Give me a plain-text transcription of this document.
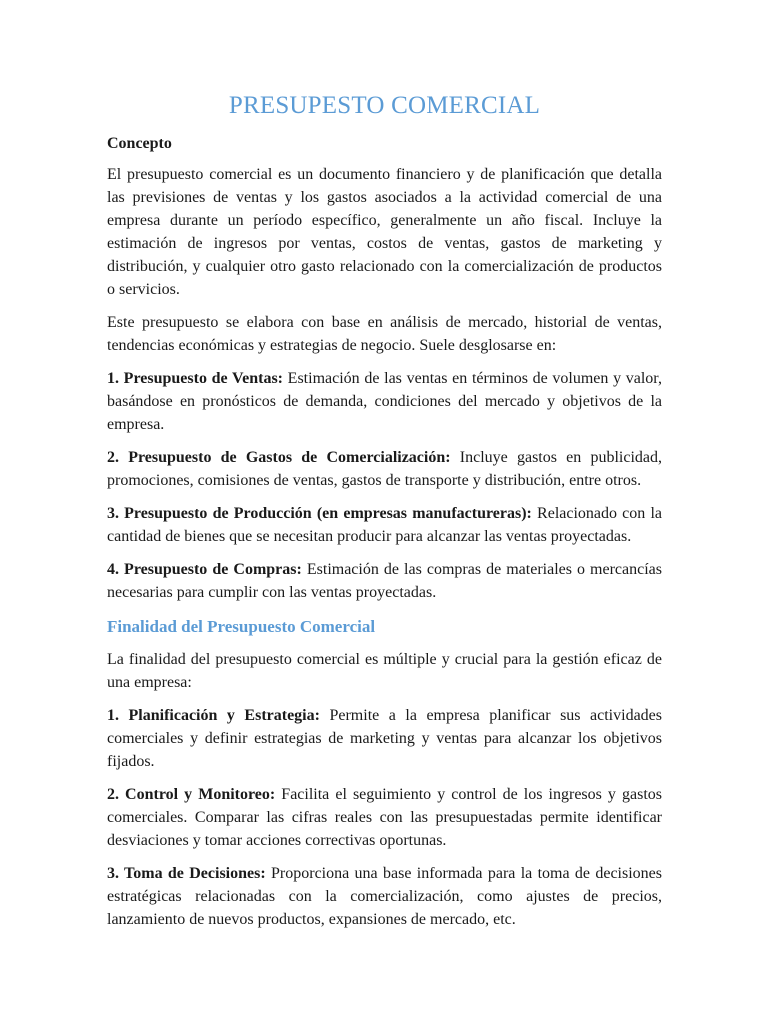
PRESUPESTO COMERCIAL
Concepto

El presupuesto comercial es un documento financiero y de planificación que detalla las previsiones de ventas y los gastos asociados a la actividad comercial de una empresa durante un período específico, generalmente un año fiscal. Incluye la estimación de ingresos por ventas, costos de ventas, gastos de marketing y distribución, y cualquier otro gasto relacionado con la comercialización de productos o servicios.

Este presupuesto se elabora con base en análisis de mercado, historial de ventas, tendencias económicas y estrategias de negocio. Suele desglosarse en:

1. Presupuesto de Ventas: Estimación de las ventas en términos de volumen y valor, basándose en pronósticos de demanda, condiciones del mercado y objetivos de la empresa.

2. Presupuesto de Gastos de Comercialización: Incluye gastos en publicidad, promociones, comisiones de ventas, gastos de transporte y distribución, entre otros.

3. Presupuesto de Producción (en empresas manufactureras): Relacionado con la cantidad de bienes que se necesitan producir para alcanzar las ventas proyectadas.

4. Presupuesto de Compras: Estimación de las compras de materiales o mercancías necesarias para cumplir con las ventas proyectadas.

Finalidad del Presupuesto Comercial

La finalidad del presupuesto comercial es múltiple y crucial para la gestión eficaz de una empresa:

1. Planificación y Estrategia: Permite a la empresa planificar sus actividades comerciales y definir estrategias de marketing y ventas para alcanzar los objetivos fijados.

2. Control y Monitoreo: Facilita el seguimiento y control de los ingresos y gastos comerciales. Comparar las cifras reales con las presupuestadas permite identificar desviaciones y tomar acciones correctivas oportunas.

3. Toma de Decisiones: Proporciona una base informada para la toma de decisiones estratégicas relacionadas con la comercialización, como ajustes de precios, lanzamiento de nuevos productos, expansiones de mercado, etc.
